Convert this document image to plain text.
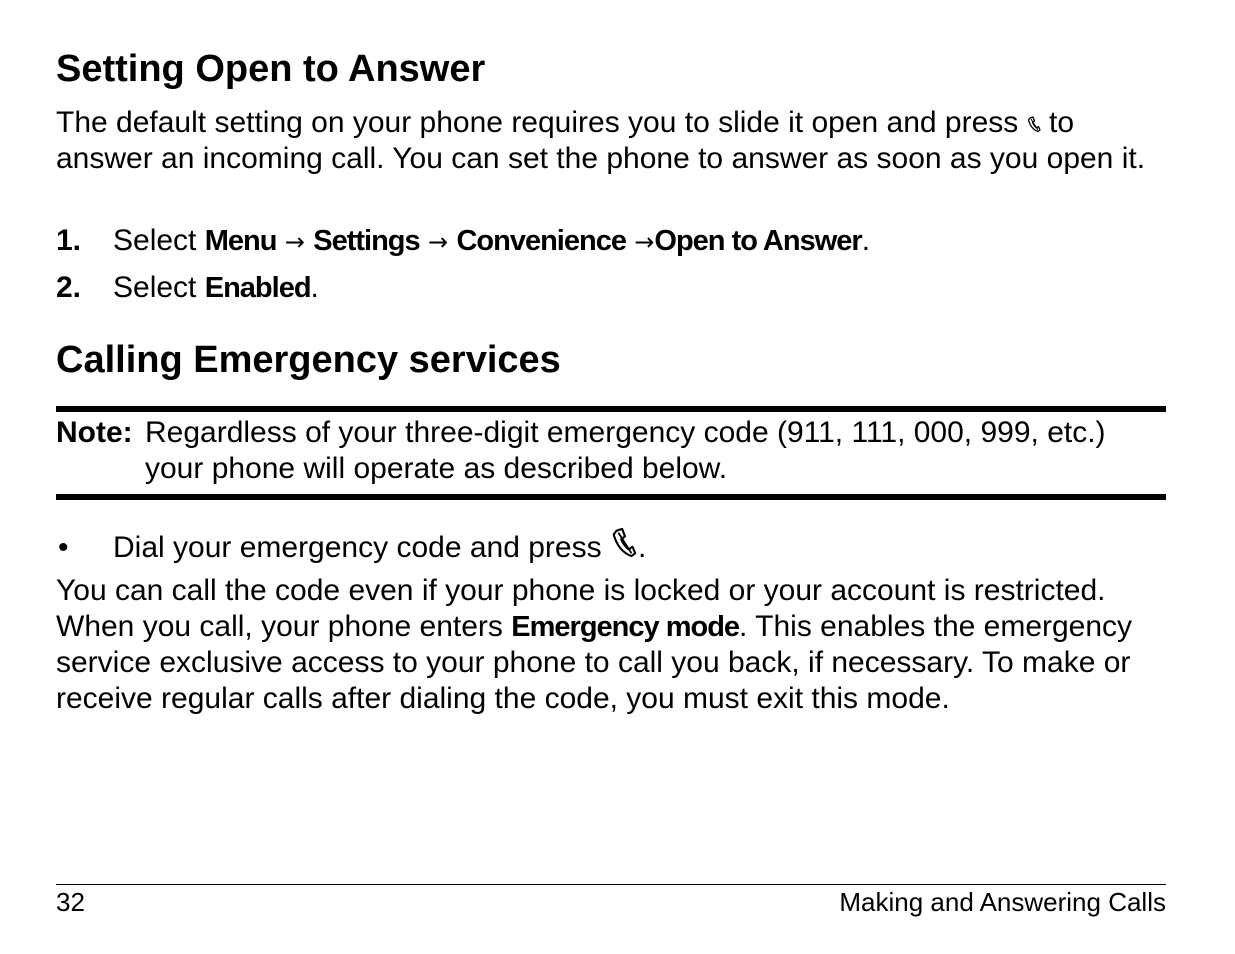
Setting Open to Answer

The default setting on your phone requires you to slide it open and press to answer an incoming call. You can set the phone to answer as soon as you open it.

1. Select Menu → Settings → Convenience →Open to Answer.
2. Select Enabled.
Calling Emergency services
Note: Regardless of your three-digit emergency code (911, 111, 000, 999, etc.) your phone will operate as described below.
• Dial your emergency code and press .

You can call the code even if your phone is locked or your account is restricted. When you call, your phone enters Emergency mode. This enables the emergency service exclusive access to your phone to call you back, if necessary. To make or receive regular calls after dialing the code, you must exit this mode.

32	Making and Answering Calls
